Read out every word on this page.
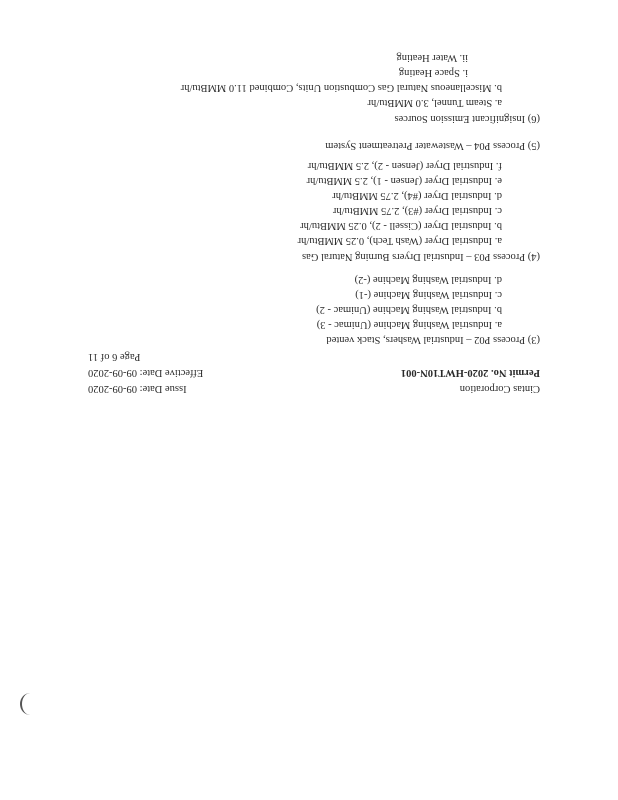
Cintas Corporation
Issue Date: 09-09-2020
Permit No. 2020-HWT10N-001
Effective Date: 09-09-2020
Page 6 of 11
(3) Process P02 – Industrial Washers, Stack vented
a. Industrial Washing Machine (Unimac - 3)
b. Industrial Washing Machine (Unimac - 2)
c. Industrial Washing Machine (-1)
d. Industrial Washing Machine (-2)
(4) Process P03 – Industrial Dryers Burning Natural Gas
a. Industrial Dryer (Wash Tech), 0.25 MMBtu/hr
b. Industrial Dryer (Cissell - 2), 0.25 MMBtu/hr
c. Industrial Dryer (#3), 2.75 MMBtu/hr
d. Industrial Dryer (#4), 2.75 MMBtu/hr
e. Industrial Dryer (Jensen - 1), 2.5 MMBtu/hr
f. Industrial Dryer (Jensen - 2), 2.5 MMBtu/hr
(5) Process P04 – Wastewater Pretreatment System
(6) Insignificant Emission Sources
a. Steam Tunnel, 3.0 MMBtu/hr
b. Miscellaneous Natural Gas Combustion Units, Combined 11.0 MMBtu/hr
i. Space Heating
ii. Water Heating
